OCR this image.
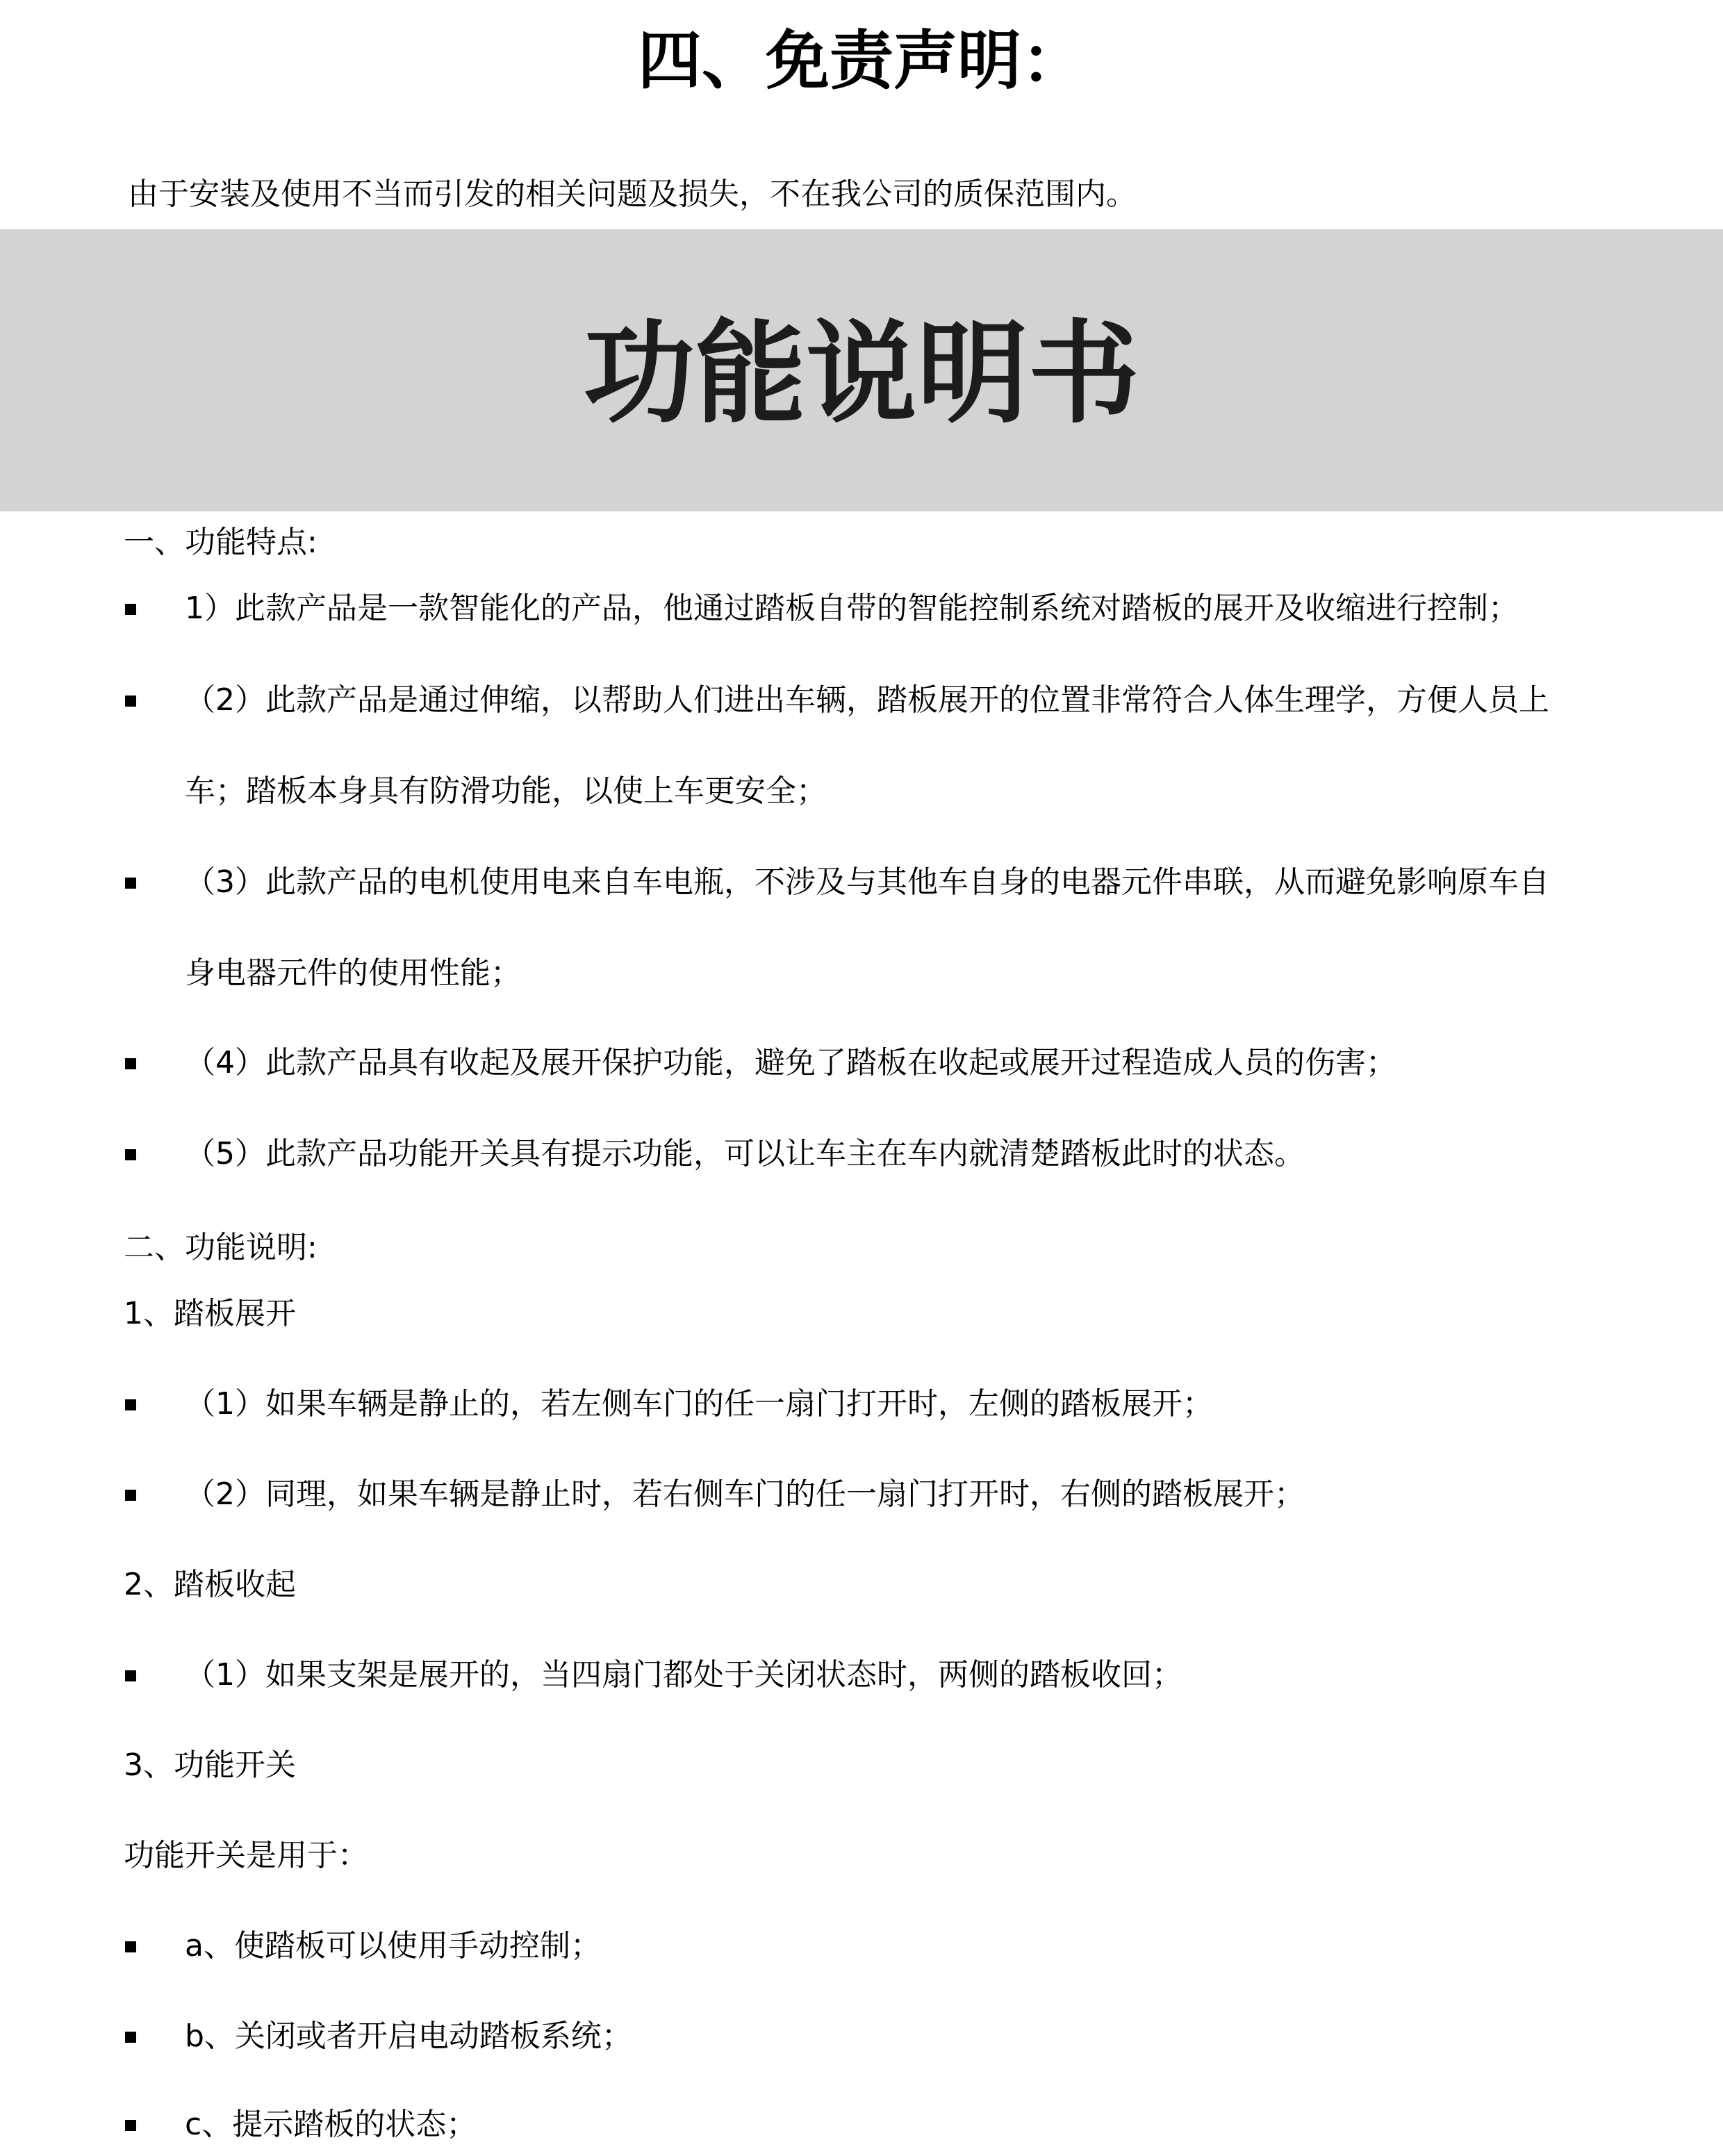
四、免责声明：
由于安装及使用不当而引发的相关问题及损失，不在我公司的质保范围内。
功能说明书
一、功能特点:
1）此款产品是一款智能化的产品，他通过踏板自带的智能控制系统对踏板的展开及收缩进行控制；
（2）此款产品是通过伸缩，以帮助人们进出车辆，踏板展开的位置非常符合人体生理学，方便人员上
车；踏板本身具有防滑功能，以使上车更安全；
（3）此款产品的电机使用电来自车电瓶，不涉及与其他车自身的电器元件串联，从而避免影响原车自
身电器元件的使用性能；
（4）此款产品具有收起及展开保护功能，避免了踏板在收起或展开过程造成人员的伤害；
（5）此款产品功能开关具有提示功能，可以让车主在车内就清楚踏板此时的状态。
二、功能说明:
1、踏板展开
（1）如果车辆是静止的，若左侧车门的任一扇门打开时，左侧的踏板展开；
（2）同理，如果车辆是静止时，若右侧车门的任一扇门打开时，右侧的踏板展开；
2、踏板收起
（1）如果支架是展开的，当四扇门都处于关闭状态时，两侧的踏板收回；
3、功能开关
功能开关是用于：
a、使踏板可以使用手动控制；
b、关闭或者开启电动踏板系统；
c、提示踏板的状态；
